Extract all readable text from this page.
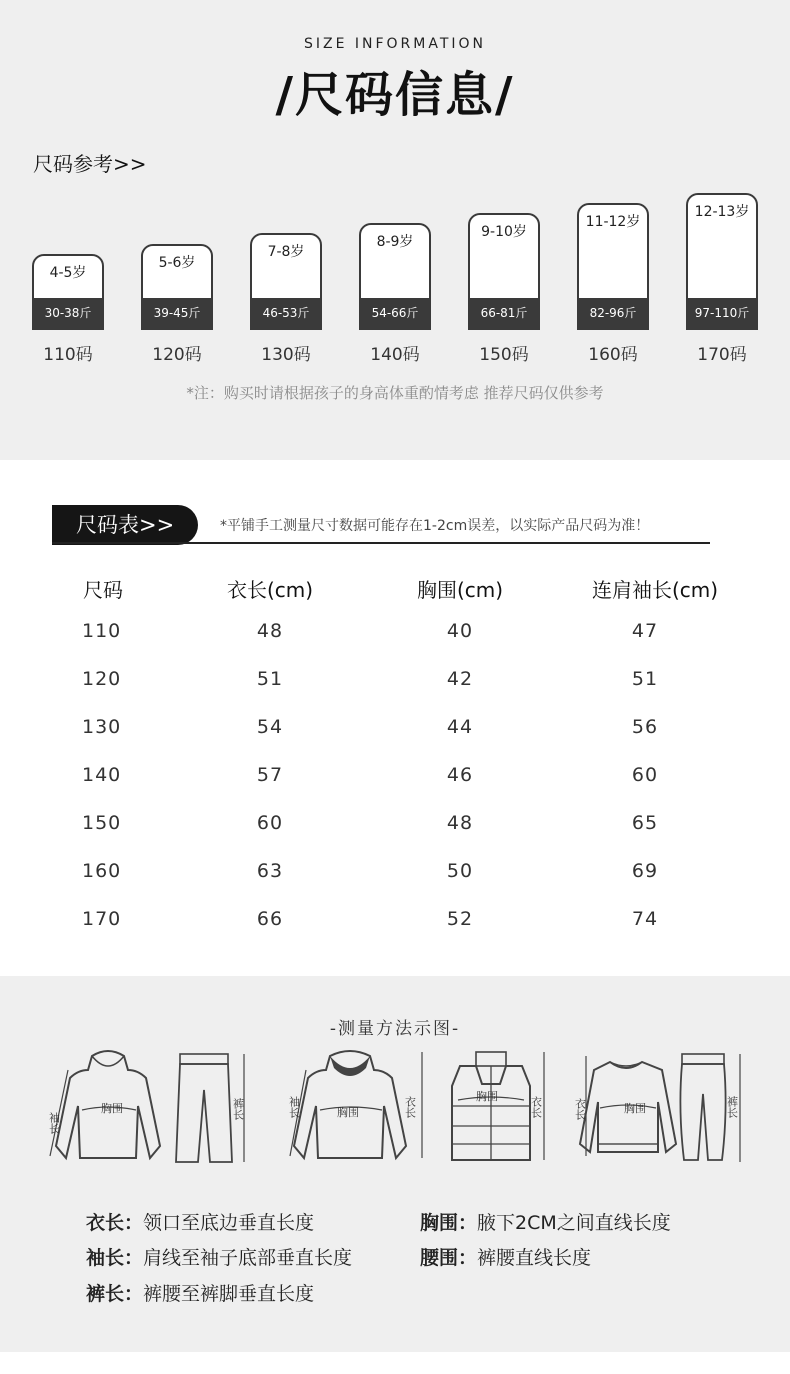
SIZE INFORMATION
/尺码信息/
尺码参考>>
4-5岁
30-38斤
5-6岁
39-45斤
7-8岁
46-53斤
8-9岁
54-66斤
9-10岁
66-81斤
11-12岁
82-96斤
12-13岁
97-110斤
110码	120码	130码	140码	150码	160码	170码
*注：购买时请根据孩子的身高体重酌情考虑 推荐尺码仅供参考
尺码表>>	*平铺手工测量尺寸数据可能存在1-2cm误差，以实际产品尺码为准！
尺码	衣长(cm)	胸围(cm)	连肩袖长(cm)
110	48	40	47
120	51	42	51
130	54	44	56
140	57	46	60
150	60	48	65
160	63	50	69
170	66	52	74
-测量方法示图-
胸围
袖长
裤长	胸围
袖长	衣长	胸围	衣长	胸围
衣长	裤长
衣长：领口至底边垂直长度	胸围：腋下2CM之间直线长度
袖长：肩线至袖子底部垂直长度	腰围：裤腰直线长度
裤长：裤腰至裤脚垂直长度
